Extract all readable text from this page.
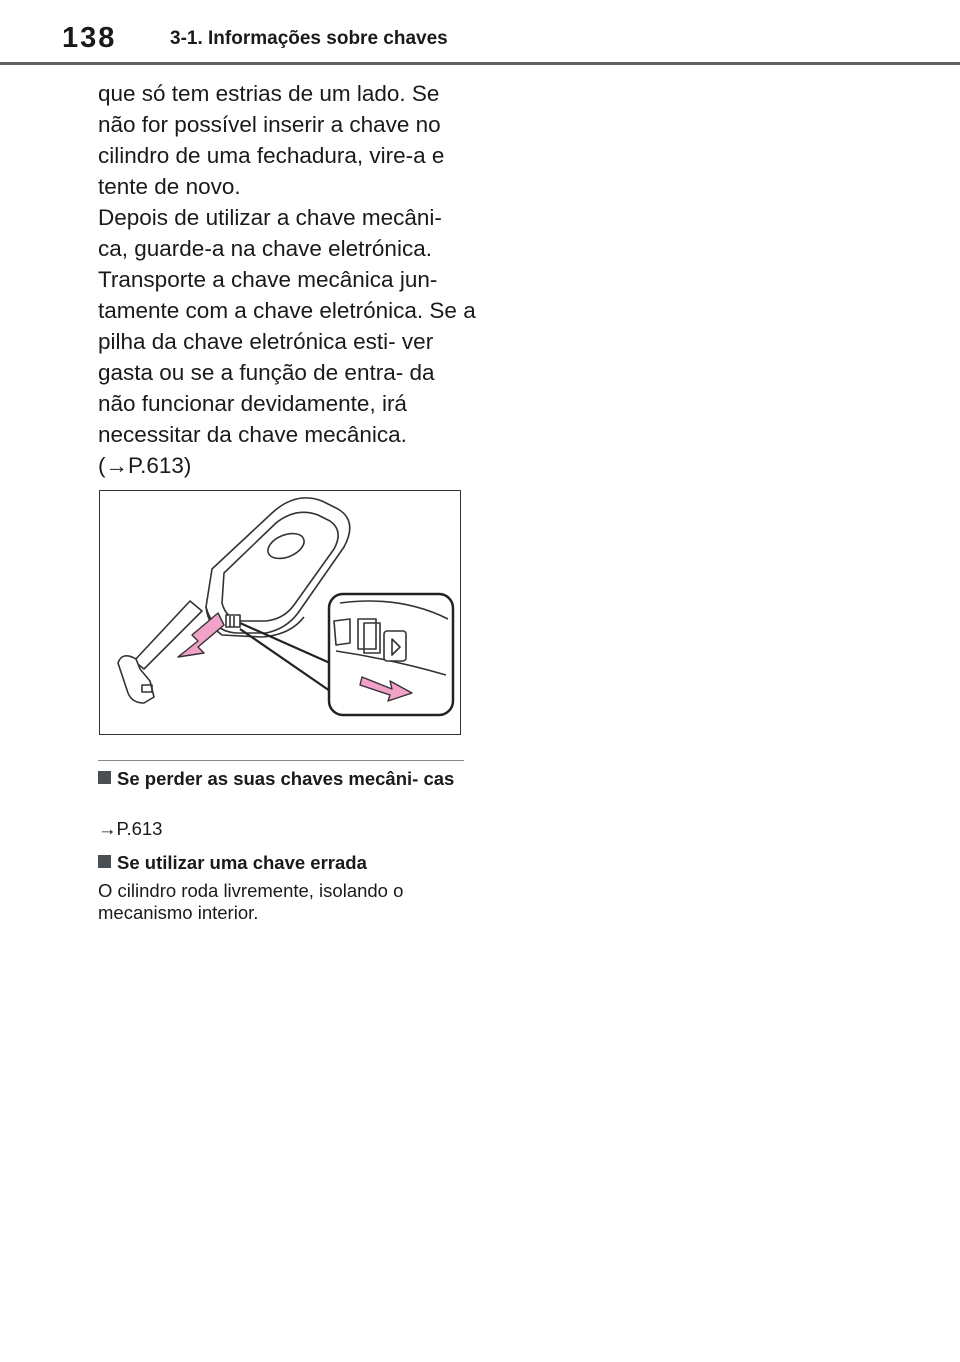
138	3-1. Informações sobre chaves

que só tem estrias de um lado. Se não for possível inserir a chave no cilindro de uma fechadura, vire-a e tente de novo.

Depois de utilizar a chave mecâni- ca, guarde-a na chave eletrónica. Transporte a chave mecânica jun- tamente com a chave eletrónica. Se a pilha da chave eletrónica esti- ver gasta ou se a função de entra- da não funcionar devidamente, irá necessitar da chave mecânica.

(→P.613)

Se perder as suas chaves mecâni- cas
→P.613
Se utilizar uma chave errada
O cilindro roda livremente, isolando o mecanismo interior.
